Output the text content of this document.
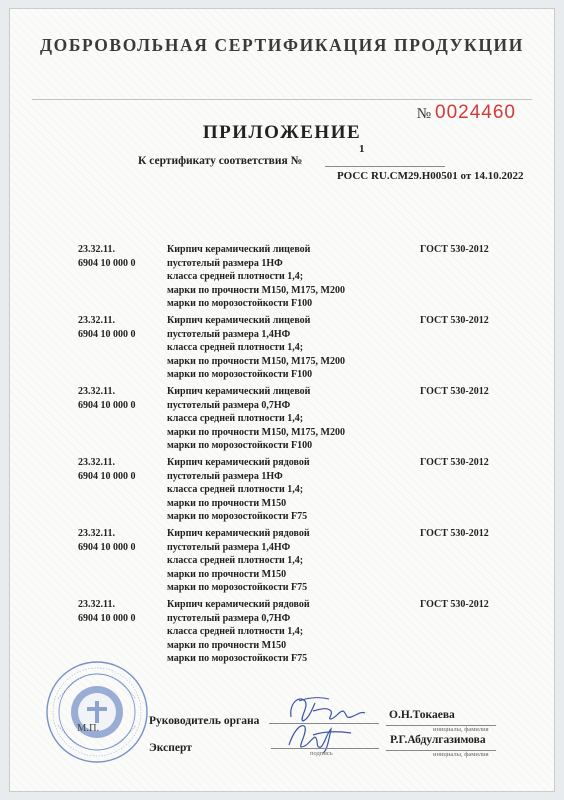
ДОБРОВОЛЬНАЯ СЕРТИФИКАЦИЯ ПРОДУКЦИИ
№ 0024460
ПРИЛОЖЕНИЕ
1
К сертификату соответствия №
РОСС RU.СМ29.Н00501 от 14.10.2022
23.32.11.
6904 10 000 0
Кирпич керамический лицевой
пустотелый размера 1НФ
класса средней плотности 1,4;
марки по прочности М150, М175, М200
марки по морозостойкости F100
ГОСТ 530-2012
23.32.11.
6904 10 000 0
Кирпич керамический лицевой
пустотелый размера 1,4НФ
класса средней плотности 1,4;
марки по прочности М150, М175, М200
марки по морозостойкости F100
ГОСТ 530-2012
23.32.11.
6904 10 000 0
Кирпич керамический лицевой
пустотелый размера 0,7НФ
класса средней плотности 1,4;
марки по прочности М150, М175, М200
марки по морозостойкости F100
ГОСТ 530-2012
23.32.11.
6904 10 000 0
Кирпич керамический рядовой
пустотелый размера 1НФ
класса средней плотности 1,4;
марки по прочности М150
марки по морозостойкости F75
ГОСТ 530-2012
23.32.11.
6904 10 000 0
Кирпич керамический рядовой
пустотелый размера 1,4НФ
класса средней плотности 1,4;
марки по прочности М150
марки по морозостойкости F75
ГОСТ 530-2012
23.32.11.
6904 10 000 0
Кирпич керамический рядовой
пустотелый размера 0,7НФ
класса средней плотности 1,4;
марки по прочности М150
марки по морозостойкости F75
ГОСТ 530-2012
М.П.
Руководитель органа
Эксперт	подпись
О.Н.Токаева
инициалы, фамилия
Р.Г.Абдулгазимова
инициалы, фамилия
